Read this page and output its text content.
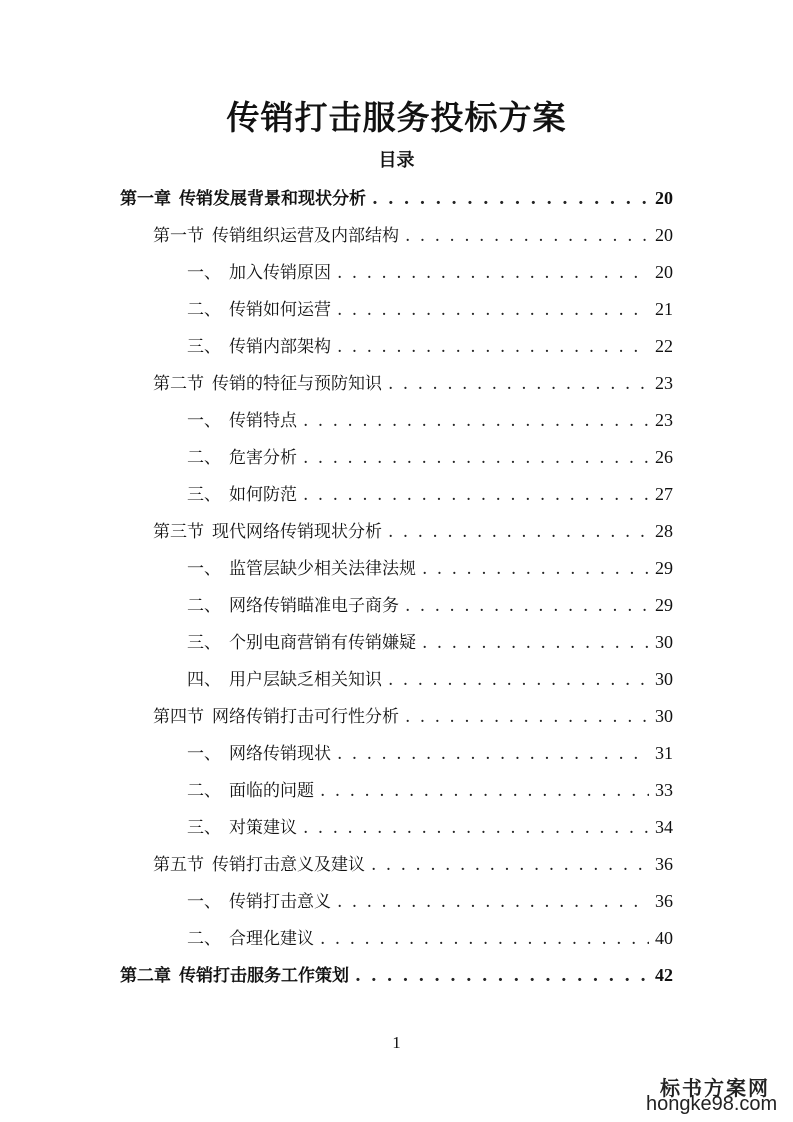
传销打击服务投标方案
目录
第一章 传销发展背景和现状分析 . . .	20
第一节 传销组织运营及内部结构 . . .	20
一、 加入传销原因 . . .	20
二、 传销如何运营 . . .	21
三、 传销内部架构 . . .	22
第二节 传销的特征与预防知识 . . .	23
一、 传销特点 . . .	23
二、 危害分析 . . .	26
三、 如何防范 . . .	27
第三节 现代网络传销现状分析 . . .	28
一、 监管层缺少相关法律法规 . . .	29
二、 网络传销瞄准电子商务 . . .	29
三、 个别电商营销有传销嫌疑 . . .	30
四、 用户层缺乏相关知识 . . .	30
第四节 网络传销打击可行性分析 . . .	30
一、 网络传销现状 . . .	31
二、 面临的问题 . . .	33
三、 对策建议 . . .	34
第五节 传销打击意义及建议 . . .	36
一、 传销打击意义 . . .	36
二、 合理化建议 . . .	40
第二章 传销打击服务工作策划 . . .	42
1
标书方案网
hongke98.com
